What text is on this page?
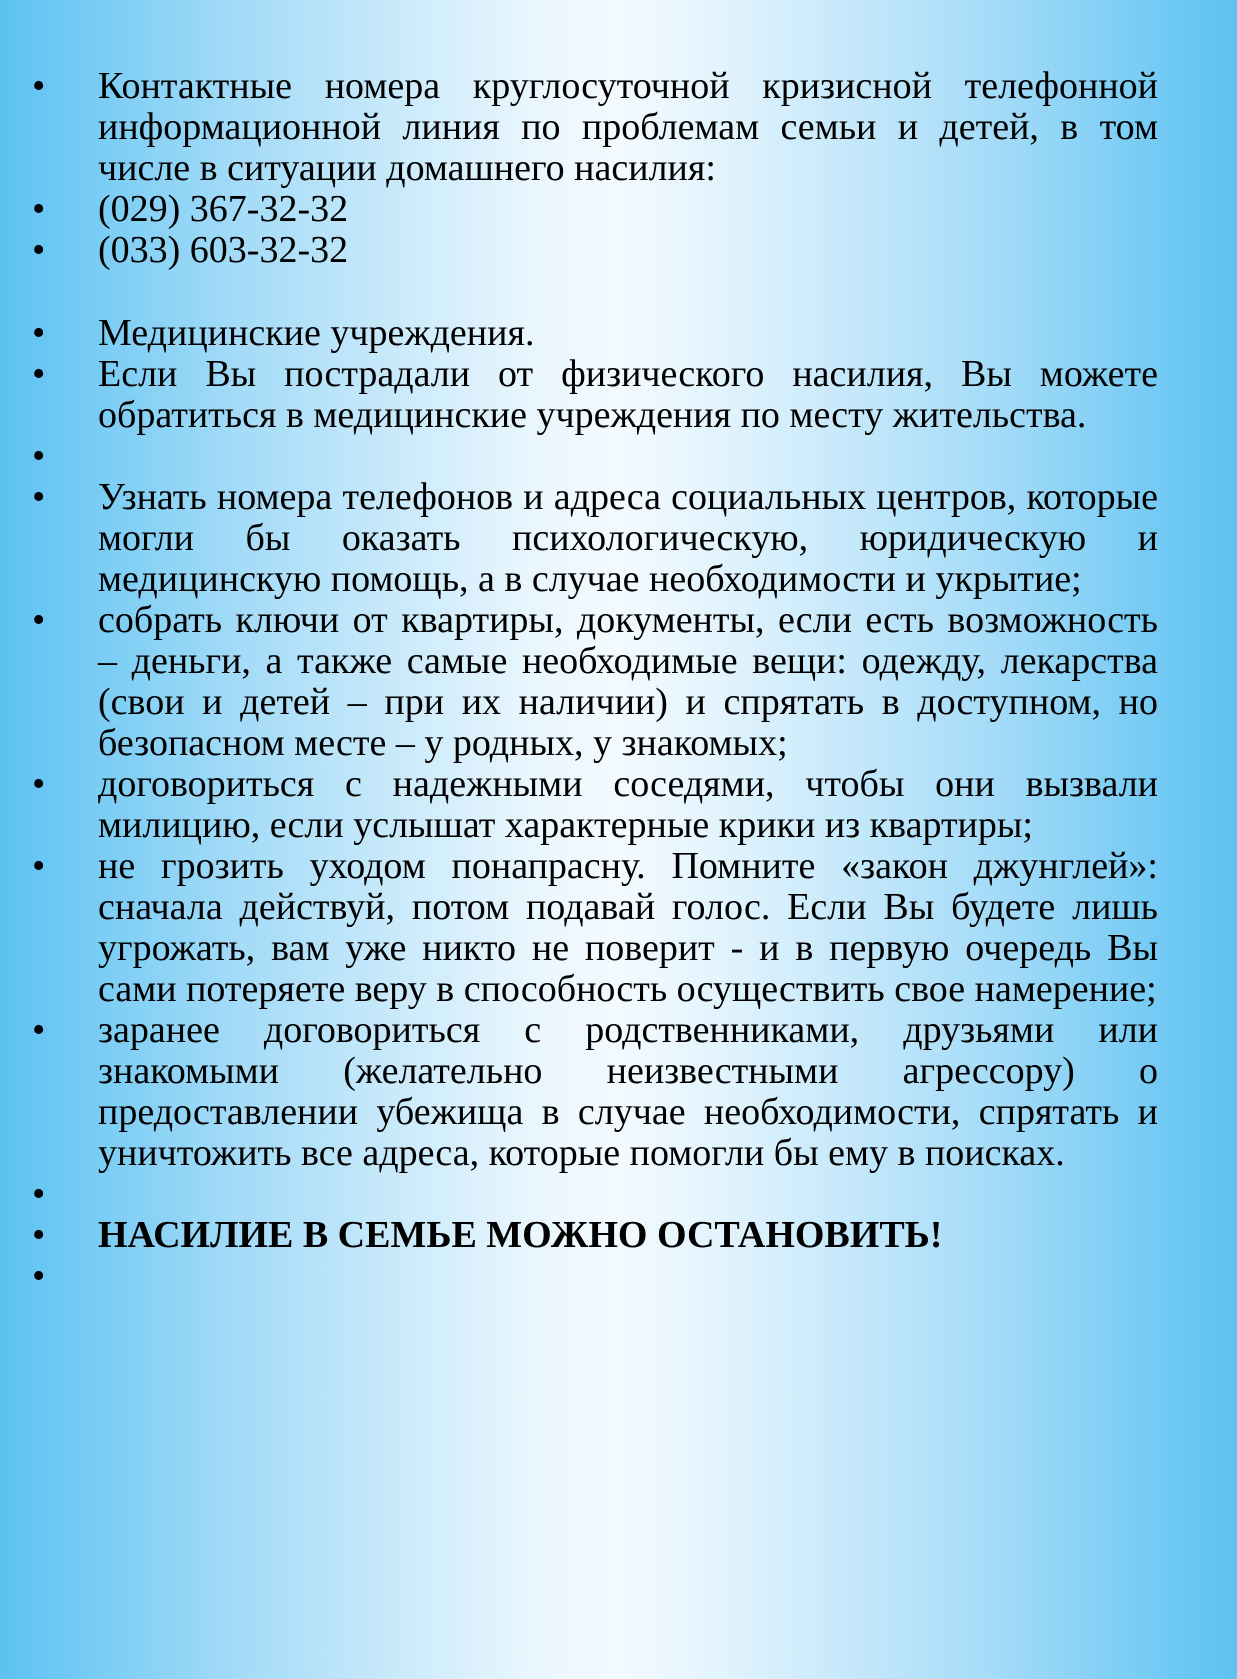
•	Контактные номера круглосуточной кризисной телефонной информационной линия по проблемам семьи и детей, в том числе в ситуации домашнего насилия:
•	(029) 367-32-32
•	(033) 603-32-32
•	Медицинские учреждения.
•	Если Вы пострадали от физического насилия, Вы можете обратиться в медицинские учреждения по месту жительства.
•
•	Узнать номера телефонов и адреса социальных центров, которые могли бы оказать психологическую, юридическую и медицинскую помощь, а в случае необходимости и укрытие;
•	собрать ключи от квартиры, документы, если есть возможность – деньги, а также самые необходимые вещи: одежду, лекарства (свои и детей – при их наличии) и спрятать в доступном, но безопасном месте – у родных, у знакомых;
•	договориться с надежными соседями, чтобы они вызвали милицию, если услышат характерные крики из квартиры;
•	не грозить уходом понапрасну. Помните «закон джунглей»: сначала действуй, потом подавай голос. Если Вы будете лишь угрожать, вам уже никто не поверит - и в первую очередь Вы сами потеряете веру в способность осуществить свое намерение;
•	заранее договориться с родственниками, друзьями или знакомыми (желательно неизвестными агрессору) о предоставлении убежища в случае необходимости, спрятать и уничтожить все адреса, которые помогли бы ему в поисках.
•
•	НАСИЛИЕ В СЕМЬЕ МОЖНО ОСТАНОВИТЬ!
•
